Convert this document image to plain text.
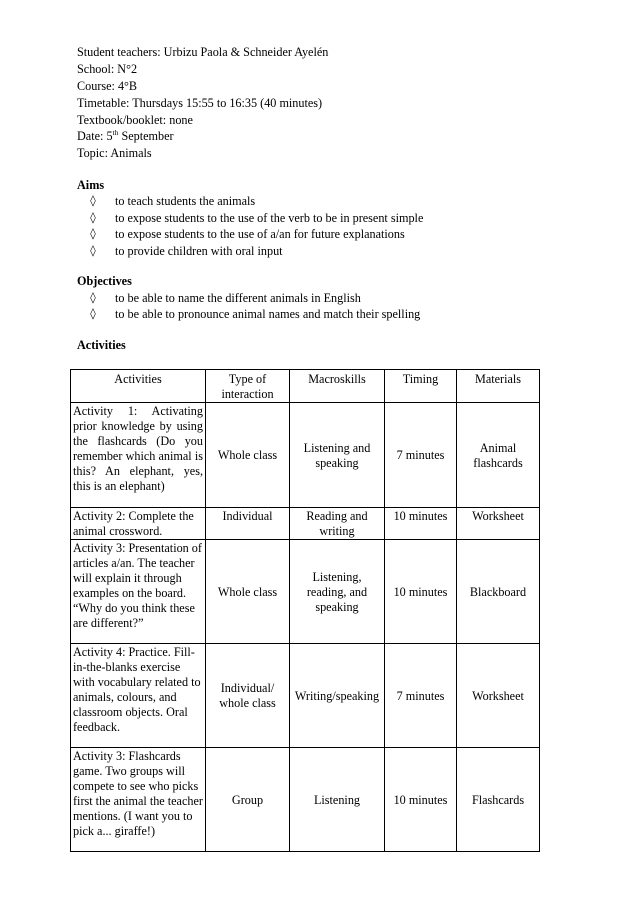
Student teachers: Urbizu Paola & Schneider Ayelén
School: N°2
Course: 4°B
Timetable: Thursdays 15:55 to 16:35 (40 minutes)
Textbook/booklet: none
Date: 5th September
Topic: Animals
Aims
◊ to teach students the animals
◊ to expose students to the use of the verb to be in present simple
◊ to expose students to the use of a/an for future explanations
◊ to provide children with oral input
Objectives
◊ to be able to name the different animals in English
◊ to be able to pronounce animal names and match their spelling
Activities
Activities	Type of interaction	Macroskills	Timing	Materials
Activity 1: Activating prior knowledge by using the flashcards (Do you remember which animal is this? An elephant, yes, this is an elephant)	Whole class	Listening and speaking	7 minutes	Animal flashcards
Activity 2: Complete the animal crossword.	Individual	Reading and writing	10 minutes	Worksheet
Activity 3: Presentation of articles a/an. The teacher will explain it through examples on the board. “Why do you think these are different?”	Whole class	Listening, reading, and speaking	10 minutes	Blackboard
Activity 4: Practice. Fill-in-the-blanks exercise with vocabulary related to animals, colours, and classroom objects. Oral feedback.	Individual/ whole class	Writing/speaking	7 minutes	Worksheet
Activity 3: Flashcards game. Two groups will compete to see who picks first the animal the teacher mentions. (I want you to pick a... giraffe!)	Group	Listening	10 minutes	Flashcards
